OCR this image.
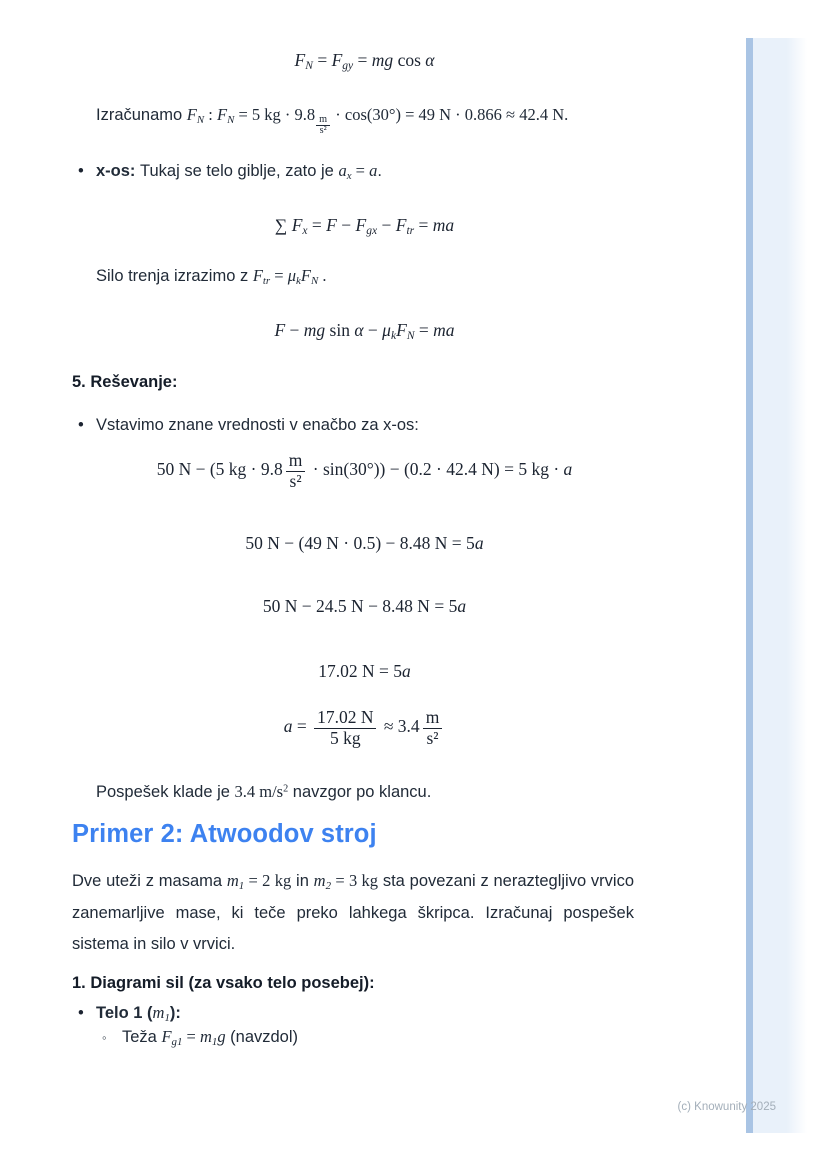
$F_N = F_{gy}$ = mg cos α
Izračunamo $F_N$ : $F_N = 5$ kg · 9.8
$\frac{m}{\text{s²}}$
· cos(30°) = 49 N · 0.866 ≈ 42.4 N.
• x-os: Tukaj se telo giblje, zato je $a_x = a$.
∑ $F_x = F - F_{gx} - F_{tr}$ = ma
Silo trenja izrazimo z $F_{tr} = \mu_kF_N$ .
F − mg $\sin \alpha - \mu_kF_N$ = ma
5. Reševanje:
• Vstavimo znane vrednosti v enačbo za x-os:
50 N − (5 kg · $9.8 \frac{m}{\text{s²}} \cdot \sin(30^\circ)) - (0.2 \cdot 42.4$ N) = 5 kg · a
50 N − (49 N · 0.5) − 8.48 N = 5a
50 N − 24.5 N − 8.48 N = 5a
17.02 N = 5a
$a = \frac{17.02 N}{5 kg} \approx 3.4 \frac{m}{\text{s²}}$
Pospešek klade je 3.4 $m/s^2$ navzgor po klancu.
Primer 2: Atwoodov stroj
Dve uteži z masama $m_1 = 2$ kg in $m_2 = 3$ kg sta povezani z neraztegljivo vrvico zanemarljive mase, ki teče preko lahkega škripca. Izračunaj pospešek sistema in silo v vrvici.
1. Diagrami sil (za vsako telo posebej):
• Telo 1 $(m_1)$:
◦ Teža $F_{g1} = m_1g$ (navzdol)
(c) Knowunity 2025
